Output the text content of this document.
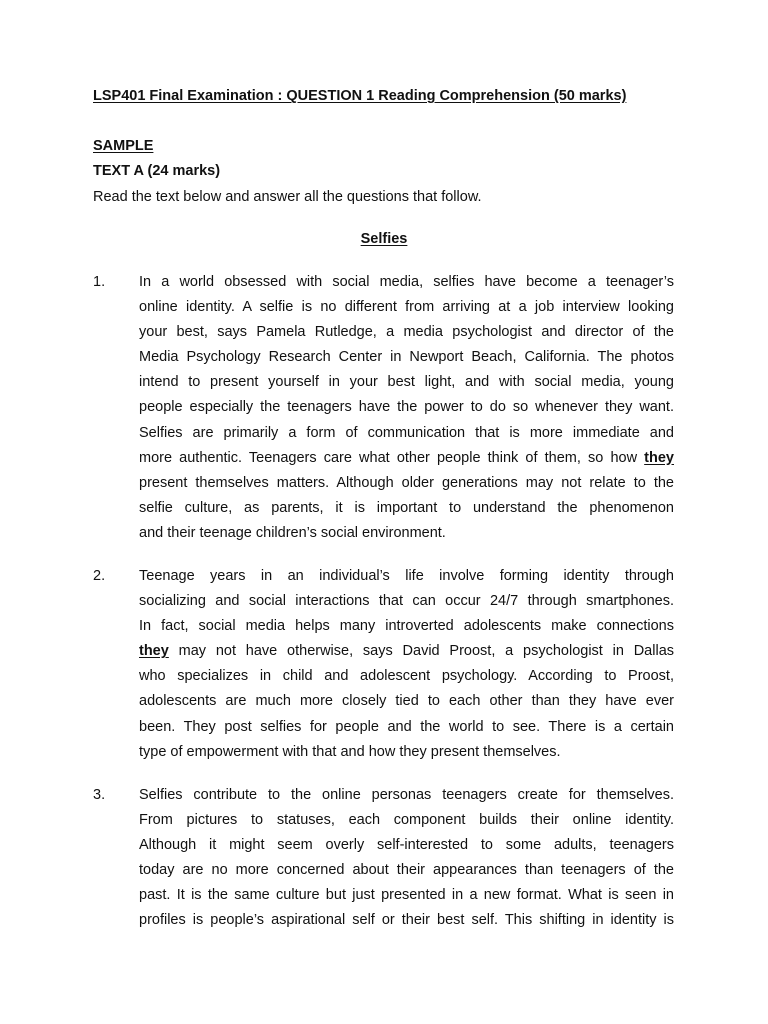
LSP401 Final Examination : QUESTION 1 Reading Comprehension (50 marks)
SAMPLE
TEXT A (24 marks)
Read the text below and answer all the questions that follow.
Selfies
1. In a world obsessed with social media, selfies have become a teenager’s
online identity. A selfie is no different from arriving at a job interview looking
your best, says Pamela Rutledge, a media psychologist and director of the
Media Psychology Research Center in Newport Beach, California. The photos
intend to present yourself in your best light, and with social media, young
people especially the teenagers have the power to do so whenever they want.
Selfies are primarily a form of communication that is more immediate and
more authentic. Teenagers care what other people think of them, so how they
present themselves matters. Although older generations may not relate to the
selfie culture, as parents, it is important to understand the phenomenon
and their teenage children’s social environment.
2. Teenage years in an individual’s life involve forming identity through
socializing and social interactions that can occur 24/7 through smartphones.
In fact, social media helps many introverted adolescents make connections
they may not have otherwise, says David Proost, a psychologist in Dallas
who specializes in child and adolescent psychology. According to Proost,
adolescents are much more closely tied to each other than they have ever
been. They post selfies for people and the world to see. There is a certain
type of empowerment with that and how they present themselves.
3. Selfies contribute to the online personas teenagers create for themselves.
From pictures to statuses, each component builds their online identity.
Although it might seem overly self-interested to some adults, teenagers
today are no more concerned about their appearances than teenagers of the
past. It is the same culture but just presented in a new format. What is seen in
profiles is people’s aspirational self or their best self. This shifting in identity is
